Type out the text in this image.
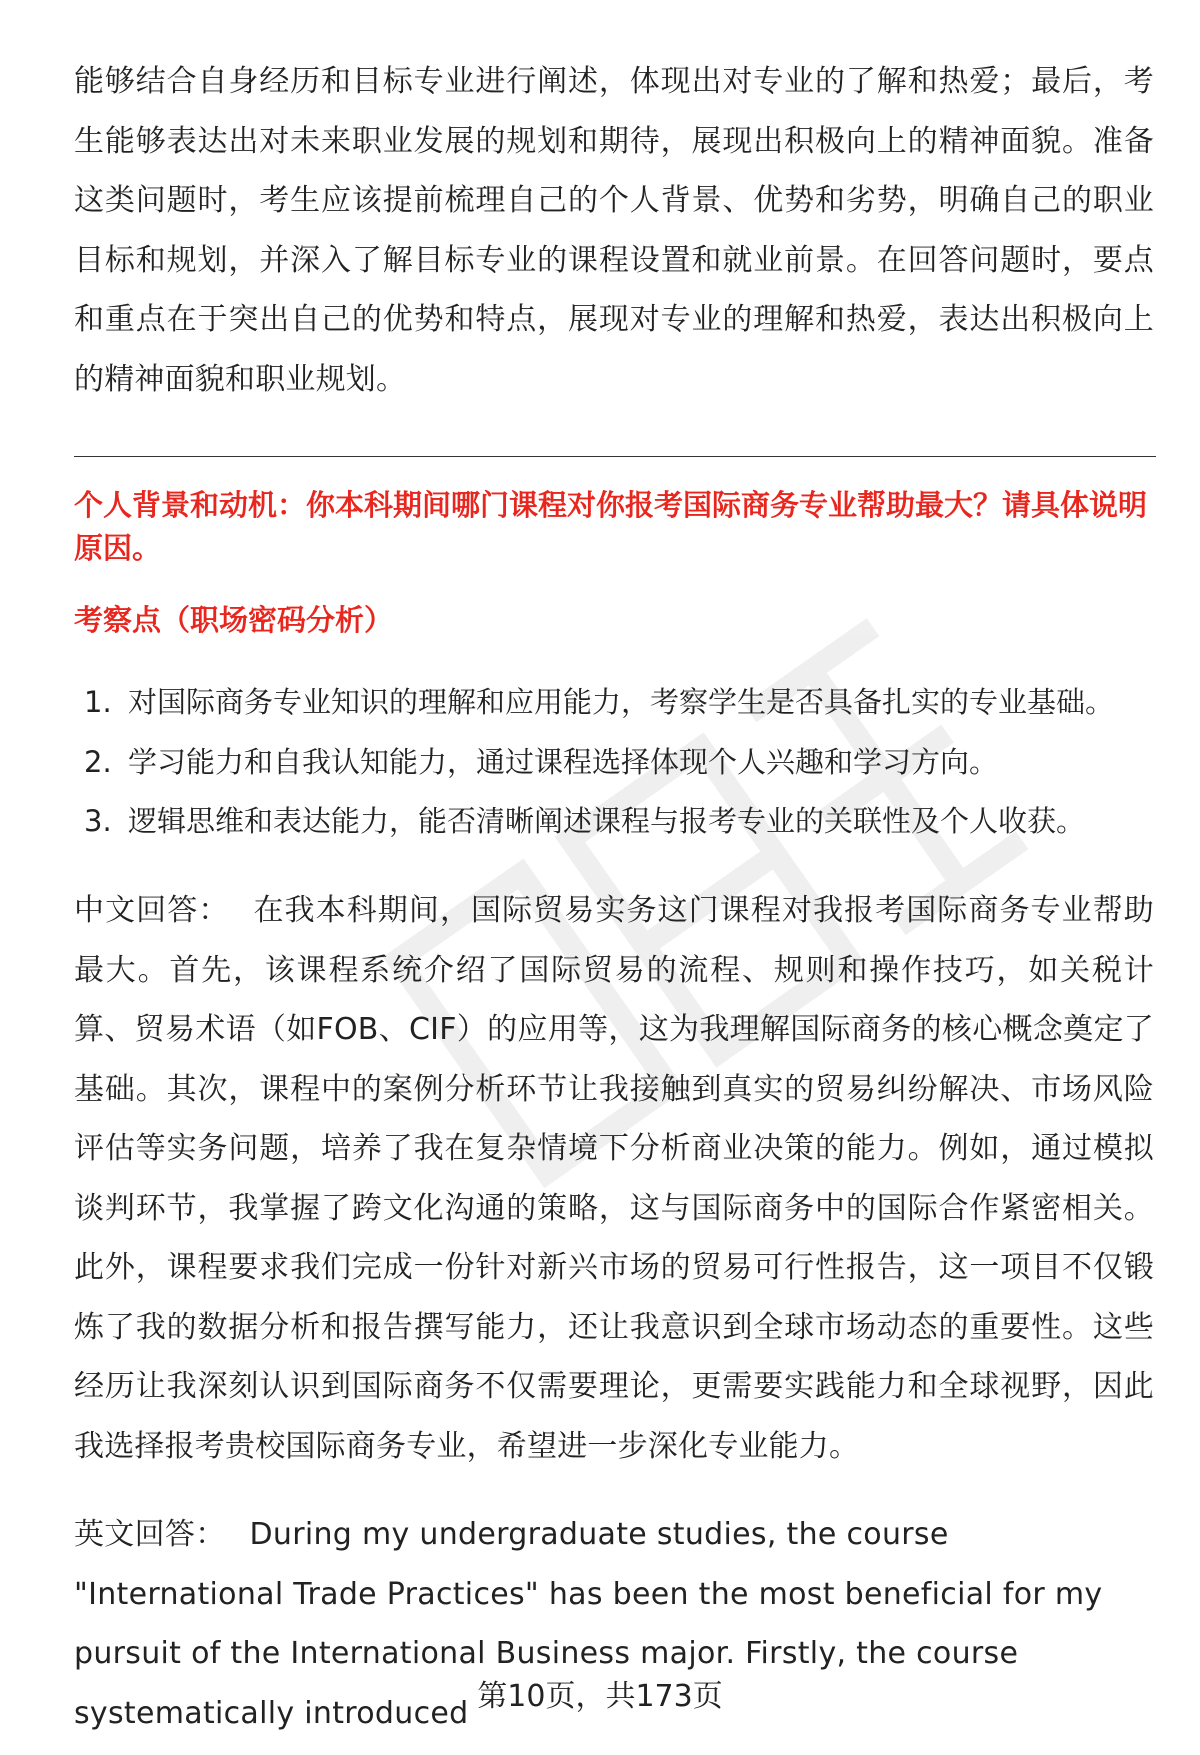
能够结合自身经历和目标专业进行阐述，体现出对专业的了解和热爱；最后，考生能够表达出对未来职业发展的规划和期待，展现出积极向上的精神面貌。准备这类问题时，考生应该提前梳理自己的个人背景、优势和劣势，明确自己的职业目标和规划，并深入了解目标专业的课程设置和就业前景。在回答问题时，要点和重点在于突出自己的优势和特点，展现对专业的理解和热爱，表达出积极向上的精神面貌和职业规划。

个人背景和动机：你本科期间哪门课程对你报考国际商务专业帮助最大？请具体说明原因。

考察点（职场密码分析）

1. 对国际商务专业知识的理解和应用能力，考察学生是否具备扎实的专业基础。
2. 学习能力和自我认知能力，通过课程选择体现个人兴趣和学习方向。
3. 逻辑思维和表达能力，能否清晰阐述课程与报考专业的关联性及个人收获。

中文回答： 在我本科期间，国际贸易实务这门课程对我报考国际商务专业帮助最大。首先，该课程系统介绍了国际贸易的流程、规则和操作技巧，如关税计算、贸易术语（如FOB、CIF）的应用等，这为我理解国际商务的核心概念奠定了基础。其次，课程中的案例分析环节让我接触到真实的贸易纠纷解决、市场风险评估等实务问题，培养了我在复杂情境下分析商业决策的能力。例如，通过模拟谈判环节，我掌握了跨文化沟通的策略，这与国际商务中的国际合作紧密相关。此外，课程要求我们完成一份针对新兴市场的贸易可行性报告，这一项目不仅锻炼了我的数据分析和报告撰写能力，还让我意识到全球市场动态的重要性。这些经历让我深刻认识到国际商务不仅需要理论，更需要实践能力和全球视野，因此我选择报考贵校国际商务专业，希望进一步深化专业能力。

英文回答： During my undergraduate studies, the course "International Trade Practices" has been the most beneficial for my pursuit of the International Business major. Firstly, the course systematically introduced 第10页，共173页
